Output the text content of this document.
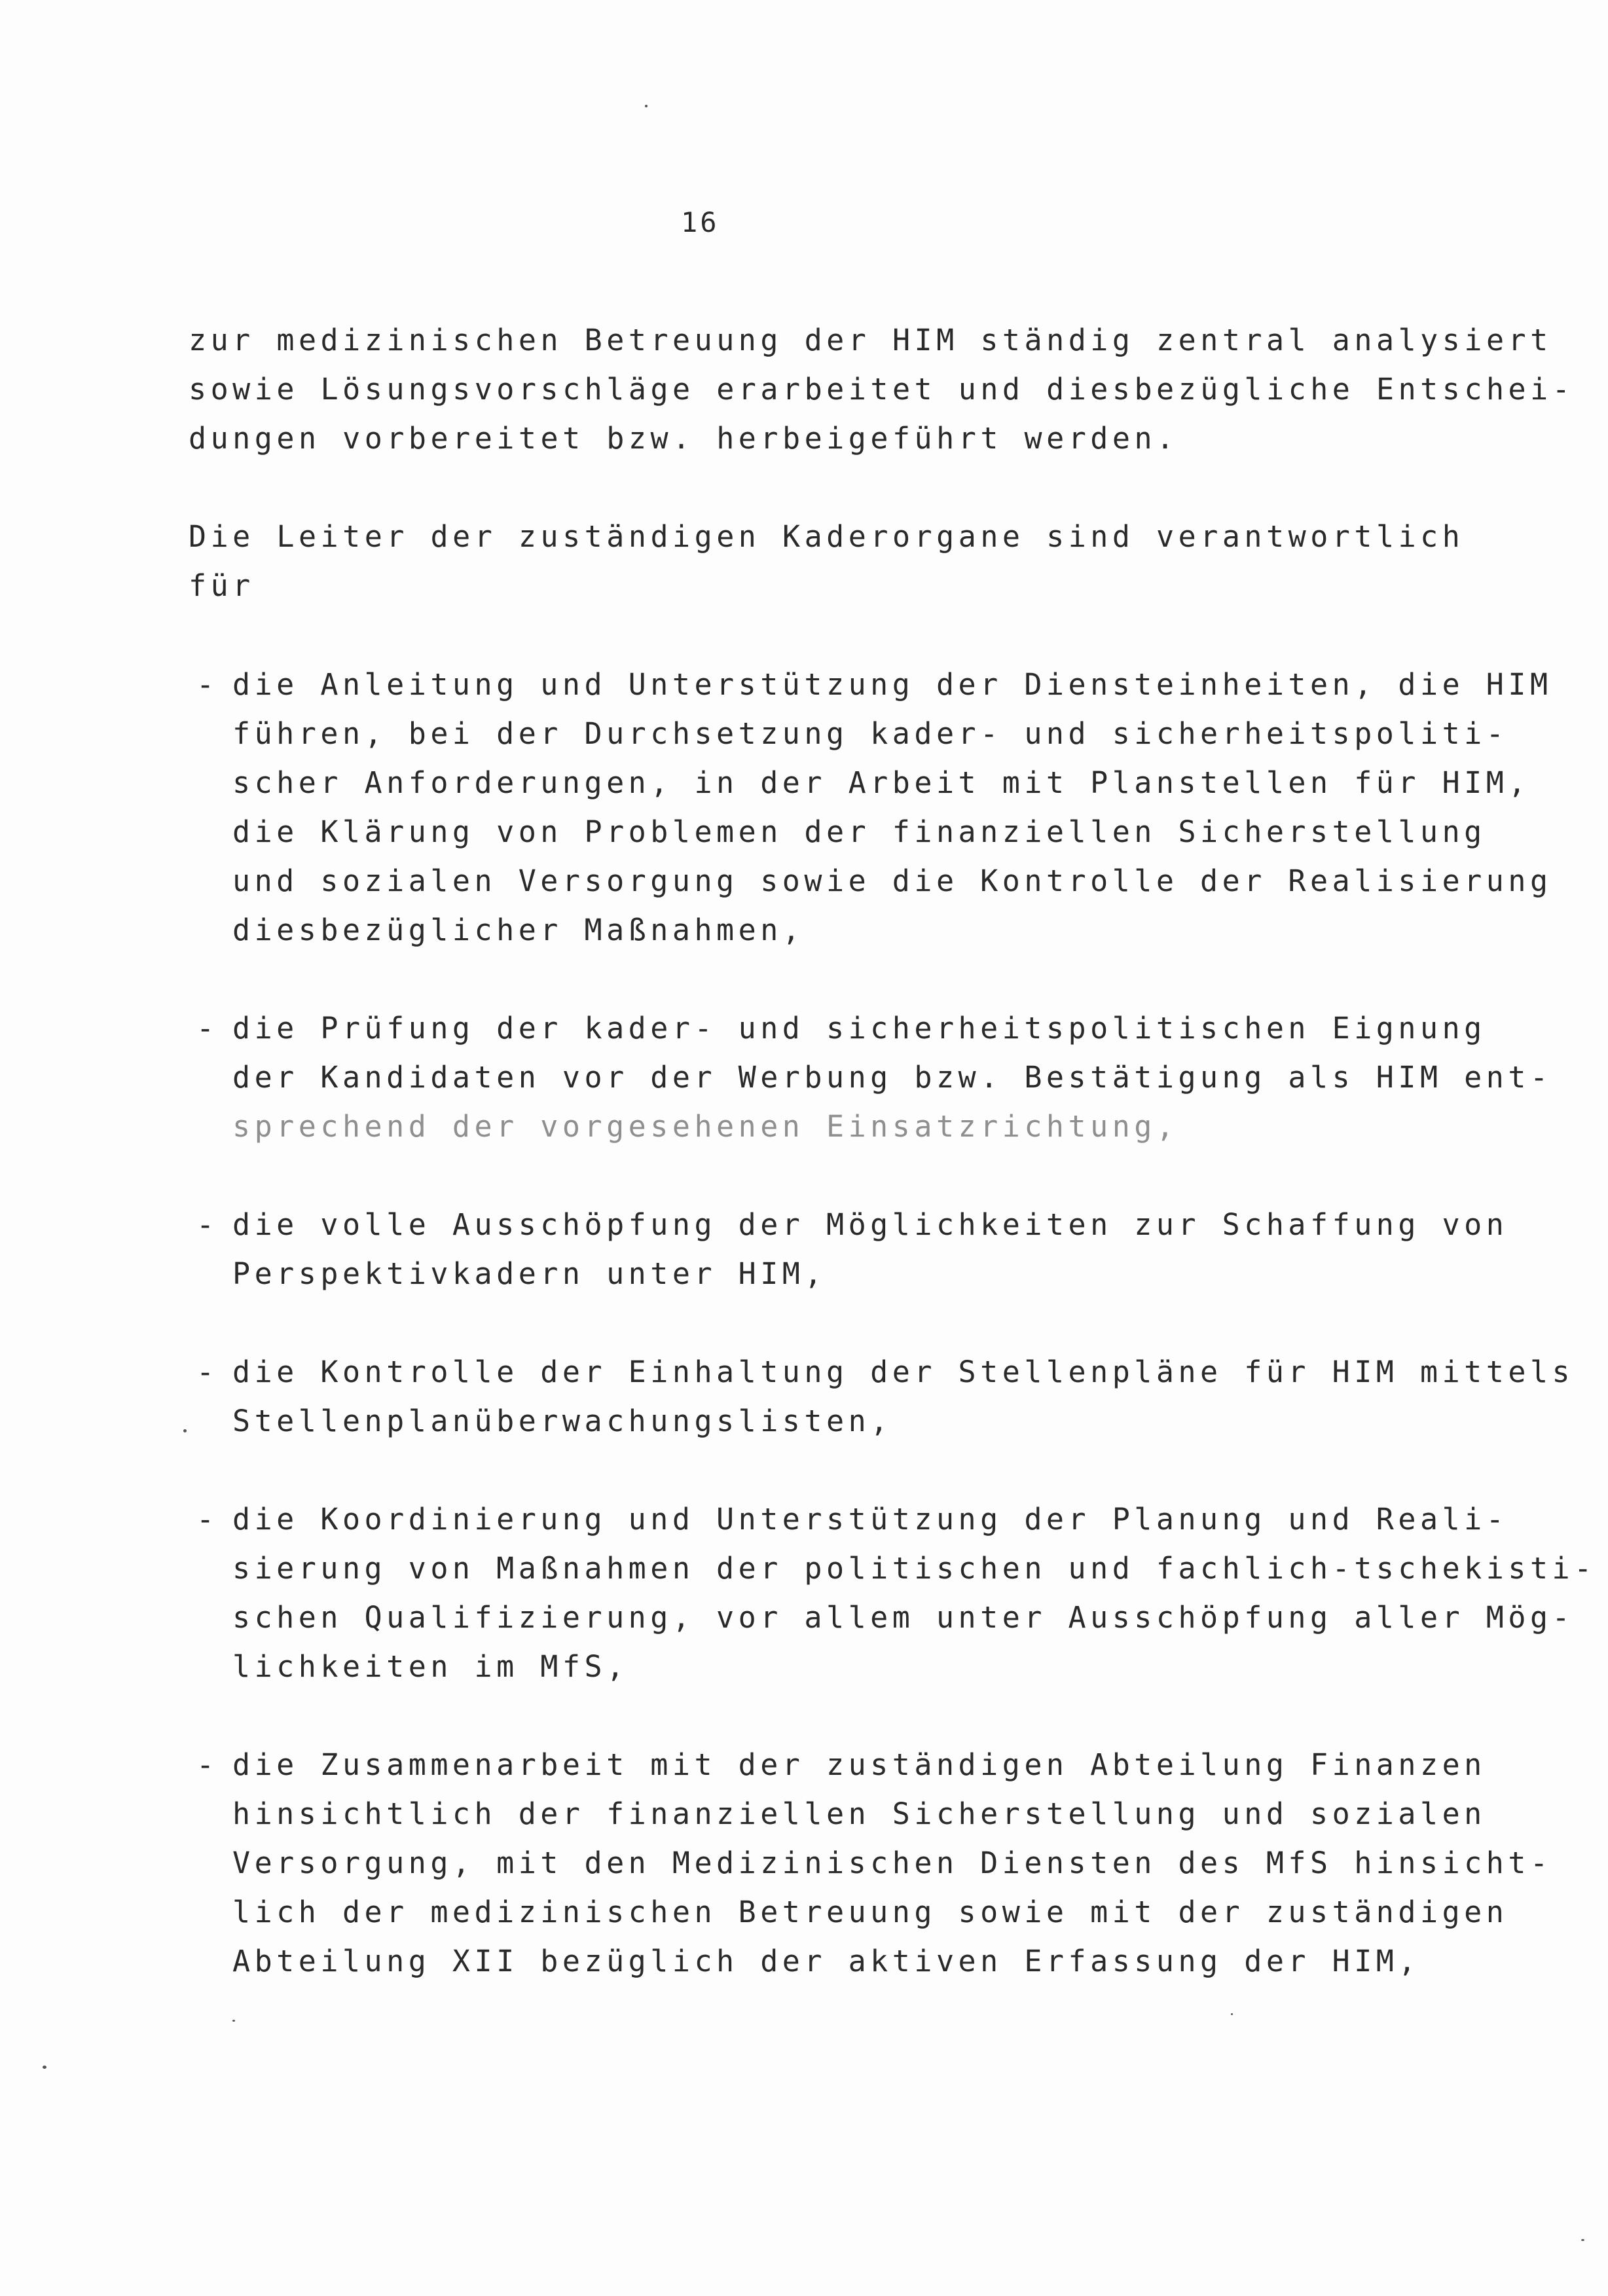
16
zur medizinischen Betreuung der HIM ständig zentral analysiert
sowie Lösungsvorschläge erarbeitet und diesbezügliche Entschei-
dungen vorbereitet bzw. herbeigeführt werden.
Die Leiter der zuständigen Kaderorgane sind verantwortlich
für
- die Anleitung und Unterstützung der Diensteinheiten, die HIM
führen, bei der Durchsetzung kader- und sicherheitspoliti-
scher Anforderungen, in der Arbeit mit Planstellen für HIM,
die Klärung von Problemen der finanziellen Sicherstellung
und sozialen Versorgung sowie die Kontrolle der Realisierung
diesbezüglicher Maßnahmen,
- die Prüfung der kader- und sicherheitspolitischen Eignung
der Kandidaten vor der Werbung bzw. Bestätigung als HIM ent-
sprechend der vorgesehenen Einsatzrichtung,
- die volle Ausschöpfung der Möglichkeiten zur Schaffung von
Perspektivkadern unter HIM,
- die Kontrolle der Einhaltung der Stellenpläne für HIM mittels
Stellenplanüberwachungslisten,
- die Koordinierung und Unterstützung der Planung und Reali-
sierung von Maßnahmen der politischen und fachlich-tschekisti-
schen Qualifizierung, vor allem unter Ausschöpfung aller Mög-
lichkeiten im MfS,
- die Zusammenarbeit mit der zuständigen Abteilung Finanzen
hinsichtlich der finanziellen Sicherstellung und sozialen
Versorgung, mit den Medizinischen Diensten des MfS hinsicht-
lich der medizinischen Betreuung sowie mit der zuständigen
Abteilung XII bezüglich der aktiven Erfassung der HIM,
